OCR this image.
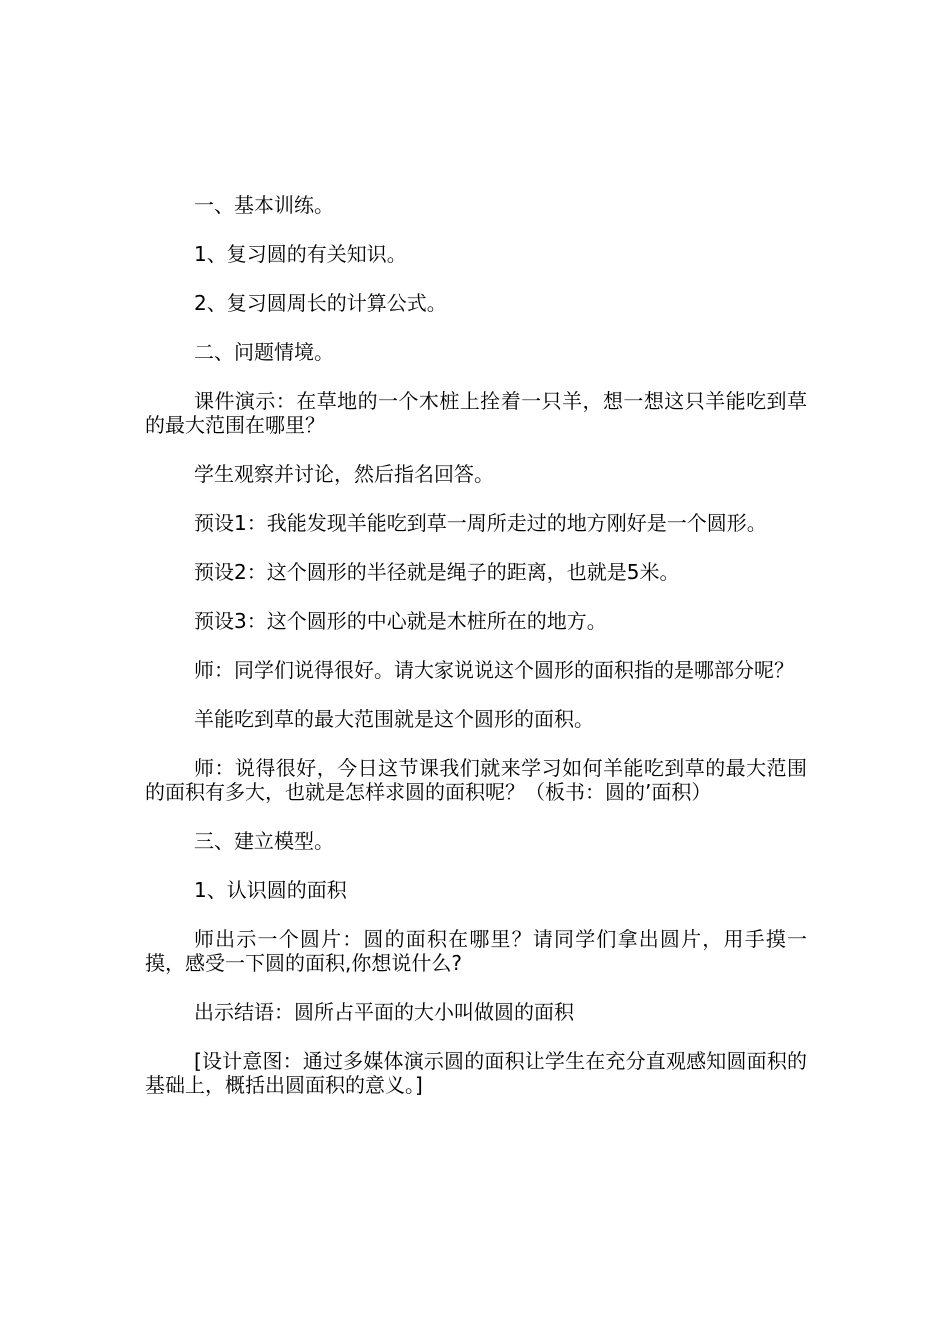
一、基本训练。

1、复习圆的有关知识。

2、复习圆周长的计算公式。

二、问题情境。

课件演示：在草地的一个木桩上拴着一只羊，想一想这只羊能吃到草的最大范围在哪里？

学生观察并讨论，然后指名回答。

预设1：我能发现羊能吃到草一周所走过的地方刚好是一个圆形。

预设2：这个圆形的半径就是绳子的距离，也就是5米。

预设3：这个圆形的中心就是木桩所在的地方。

师：同学们说得很好。请大家说说这个圆形的面积指的是哪部分呢？

羊能吃到草的最大范围就是这个圆形的面积。

师：说得很好，今日这节课我们就来学习如何羊能吃到草的最大范围的面积有多大，也就是怎样求圆的面积呢？（板书：圆的’面积）

三、建立模型。

1、认识圆的面积

师出示一个圆片：圆的面积在哪里？请同学们拿出圆片，用手摸一摸，感受一下圆的面积,你想说什么?

出示结语：圆所占平面的大小叫做圆的面积

[设计意图：通过多媒体演示圆的面积让学生在充分直观感知圆面积的基础上，概括出圆面积的意义。]
